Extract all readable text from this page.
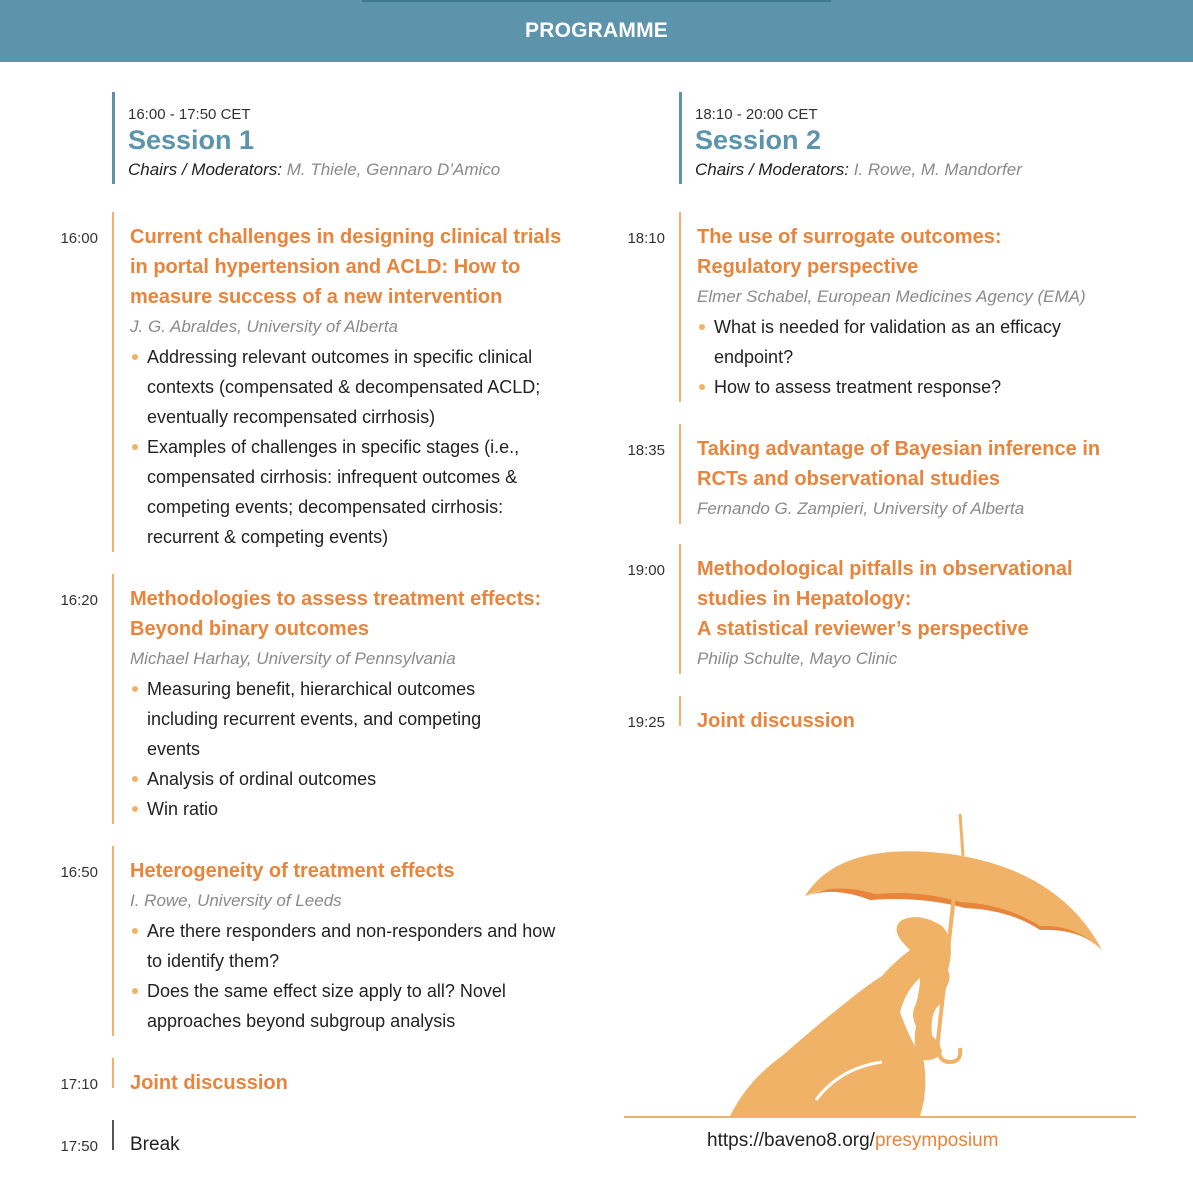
PROGRAMME
16:00 - 17:50 CET
Session 1
Chairs / Moderators: M. Thiele, Gennaro D’Amico
18:10 - 20:00 CET
Session 2
Chairs / Moderators: I. Rowe, M. Mandorfer
16:00 Current challenges in designing clinical trials
in portal hypertension and ACLD: How to
measure success of a new intervention
J. G. Abraldes, University of Alberta
Addressing relevant outcomes in specific clinical contexts (compensated & decompensated ACLD; eventually recompensated cirrhosis)
Examples of challenges in specific stages (i.e., compensated cirrhosis: infrequent outcomes & competing events; decompensated cirrhosis: recurrent & competing events)
16:20 Methodologies to assess treatment effects:
Beyond binary outcomes
Michael Harhay, University of Pennsylvania
Measuring benefit, hierarchical outcomes including recurrent events, and competing events
Analysis of ordinal outcomes
Win ratio
16:50 Heterogeneity of treatment effects
I. Rowe, University of Leeds
Are there responders and non-responders and how to identify them?
Does the same effect size apply to all? Novel approaches beyond subgroup analysis
17:10 Joint discussion
17:50 Break
18:10 The use of surrogate outcomes:
Regulatory perspective
Elmer Schabel, European Medicines Agency (EMA)
What is needed for validation as an efficacy endpoint?
How to assess treatment response?
18:35 Taking advantage of Bayesian inference in
RCTs and observational studies
Fernando G. Zampieri, University of Alberta
19:00 Methodological pitfalls in observational
studies in Hepatology:
A statistical reviewer’s perspective
Philip Schulte, Mayo Clinic
19:25 Joint discussion
https://baveno8.org/presymposium
